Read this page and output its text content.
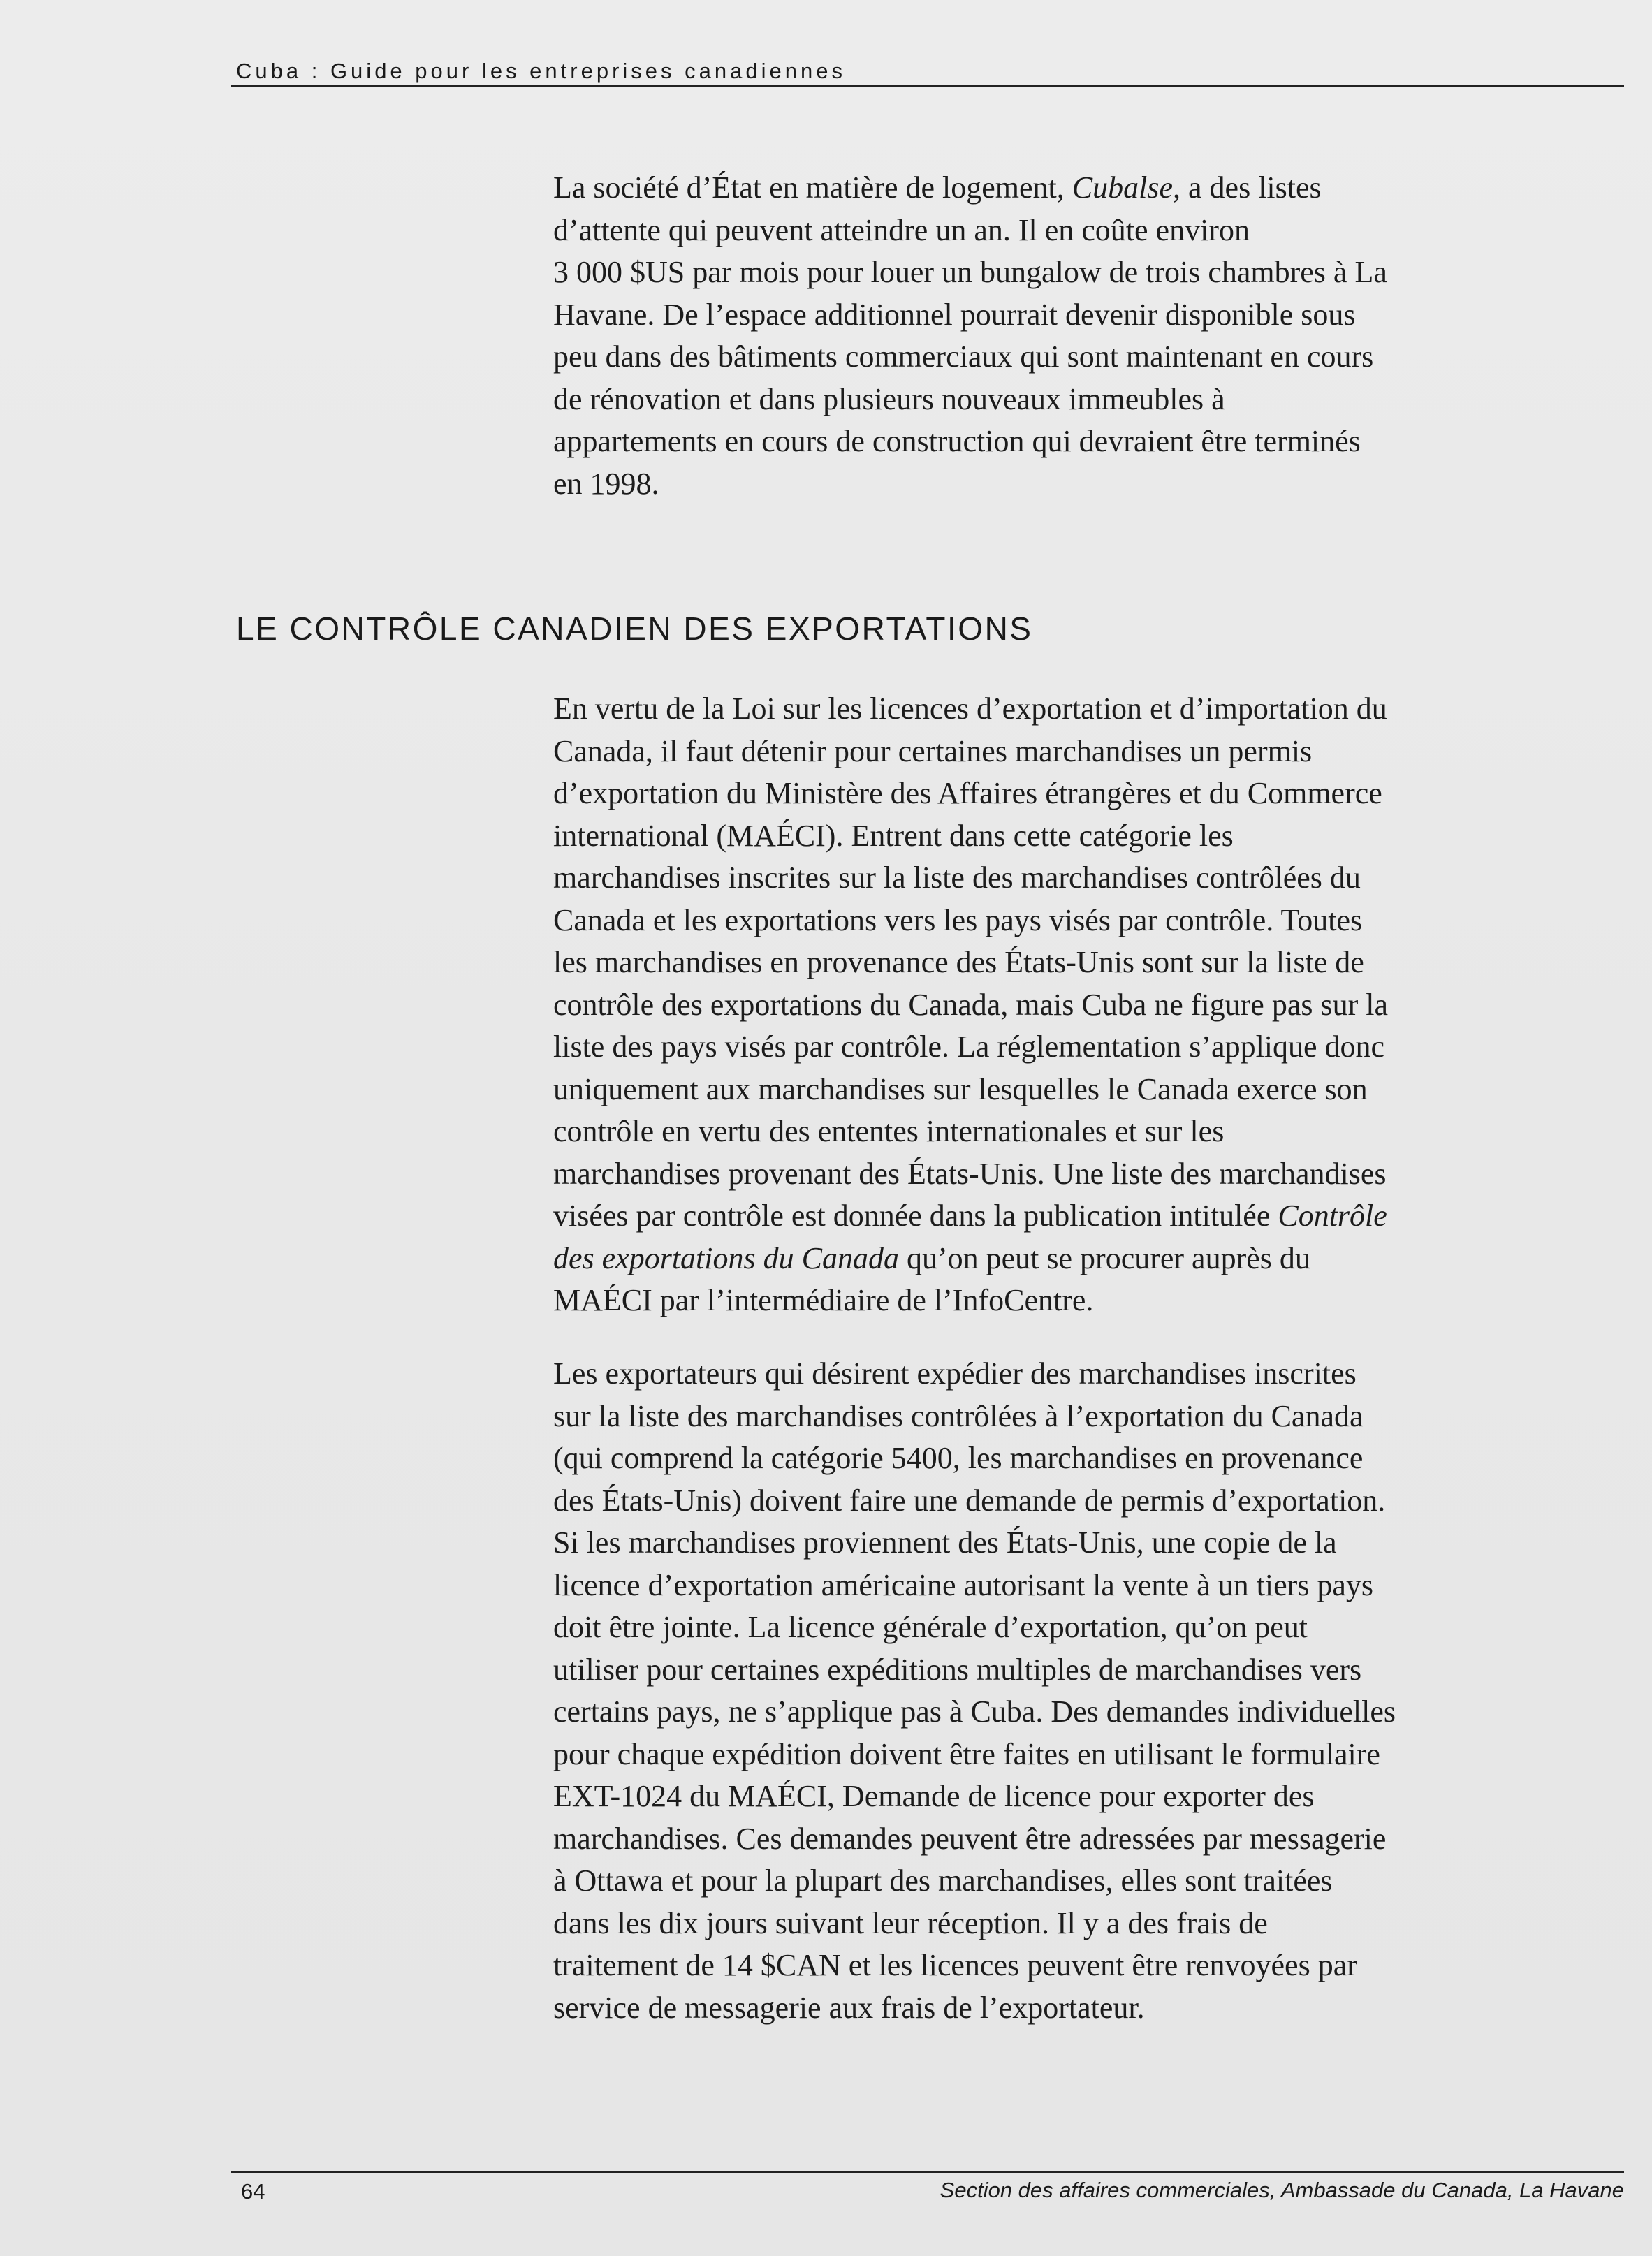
Cuba : Guide pour les entreprises canadiennes
La société d’État en matière de logement, Cubalse, a des listes
d’attente qui peuvent atteindre un an. Il en coûte environ
3 000 $US par mois pour louer un bungalow de trois chambres à La
Havane. De l’espace additionnel pourrait devenir disponible sous
peu dans des bâtiments commerciaux qui sont maintenant en cours
de rénovation et dans plusieurs nouveaux immeubles à
appartements en cours de construction qui devraient être terminés
en 1998.
LE CONTRÔLE CANADIEN DES EXPORTATIONS
En vertu de la Loi sur les licences d’exportation et d’importation du
Canada, il faut détenir pour certaines marchandises un permis
d’exportation du Ministère des Affaires étrangères et du Commerce
international (MAÉCI). Entrent dans cette catégorie les
marchandises inscrites sur la liste des marchandises contrôlées du
Canada et les exportations vers les pays visés par contrôle. Toutes
les marchandises en provenance des États-Unis sont sur la liste de
contrôle des exportations du Canada, mais Cuba ne figure pas sur la
liste des pays visés par contrôle. La réglementation s’applique donc
uniquement aux marchandises sur lesquelles le Canada exerce son
contrôle en vertu des ententes internationales et sur les
marchandises provenant des États-Unis. Une liste des marchandises
visées par contrôle est donnée dans la publication intitulée Contrôle
des exportations du Canada qu’on peut se procurer auprès du
MAÉCI par l’intermédiaire de l’InfoCentre.
Les exportateurs qui désirent expédier des marchandises inscrites
sur la liste des marchandises contrôlées à l’exportation du Canada
(qui comprend la catégorie 5400, les marchandises en provenance
des États-Unis) doivent faire une demande de permis d’exportation.
Si les marchandises proviennent des États-Unis, une copie de la
licence d’exportation américaine autorisant la vente à un tiers pays
doit être jointe. La licence générale d’exportation, qu’on peut
utiliser pour certaines expéditions multiples de marchandises vers
certains pays, ne s’applique pas à Cuba. Des demandes individuelles
pour chaque expédition doivent être faites en utilisant le formulaire
EXT-1024 du MAÉCI, Demande de licence pour exporter des
marchandises. Ces demandes peuvent être adressées par messagerie
à Ottawa et pour la plupart des marchandises, elles sont traitées
dans les dix jours suivant leur réception. Il y a des frais de
traitement de 14 $CAN et les licences peuvent être renvoyées par
service de messagerie aux frais de l’exportateur.
64	Section des affaires commerciales, Ambassade du Canada, La Havane
